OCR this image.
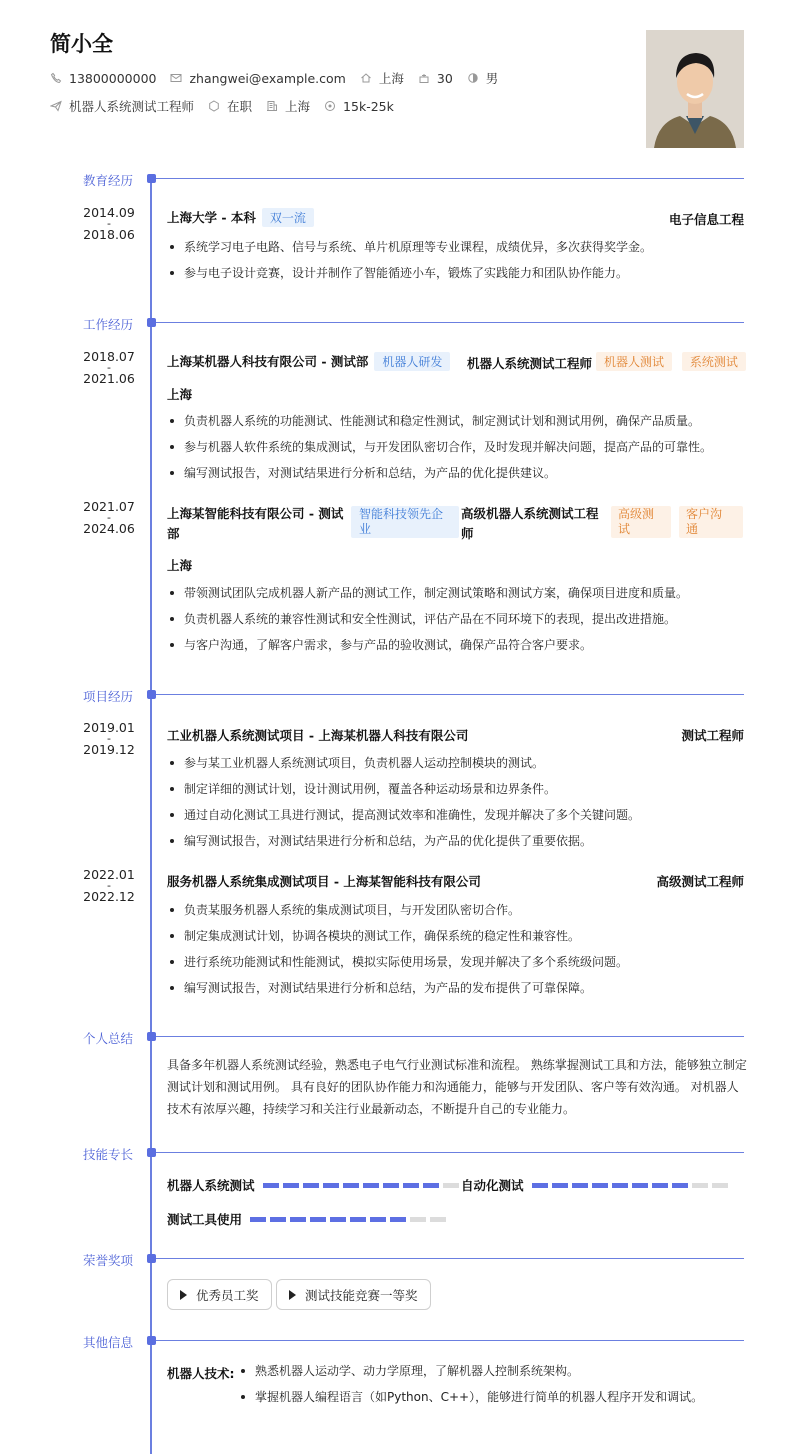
简小全
13800000000	zhangwei@example.com	上海	30	男
机器人系统测试工程师	在职	上海	15k-25k
教育经历
2014.09
-
2018.06
上海大学 - 本科 双一流	电子信息工程
系统学习电子电路、信号与系统、单片机原理等专业课程，成绩优异，多次获得奖学金。
参与电子设计竞赛，设计并制作了智能循迹小车，锻炼了实践能力和团队协作能力。
工作经历
2018.07
-
2021.06
上海某机器人科技有限公司 - 测试部 机器人研发	机器人系统测试工程师 机器人测试 系统测试
上海
负责机器人系统的功能测试、性能测试和稳定性测试，制定测试计划和测试用例，确保产品质量。
参与机器人软件系统的集成测试，与开发团队密切合作，及时发现并解决问题，提高产品的可靠性。
编写测试报告，对测试结果进行分析和总结，为产品的优化提供建议。
2021.07
-
2024.06
上海某智能科技有限公司 - 测试
部
智能科技领先企
业
高级机器人系统测试工程
师
高级测
试
客户沟
通
上海
带领测试团队完成机器人新产品的测试工作，制定测试策略和测试方案，确保项目进度和质量。
负责机器人系统的兼容性测试和安全性测试，评估产品在不同环境下的表现，提出改进措施。
与客户沟通，了解客户需求，参与产品的验收测试，确保产品符合客户要求。
项目经历
2019.01
-
2019.12
工业机器人系统测试项目 - 上海某机器人科技有限公司	测试工程师
参与某工业机器人系统测试项目，负责机器人运动控制模块的测试。
制定详细的测试计划，设计测试用例，覆盖各种运动场景和边界条件。
通过自动化测试工具进行测试，提高测试效率和准确性，发现并解决了多个关键问题。
编写测试报告，对测试结果进行分析和总结，为产品的优化提供了重要依据。
2022.01
-
2022.12
服务机器人系统集成测试项目 - 上海某智能科技有限公司	高级测试工程师
负责某服务机器人系统的集成测试项目，与开发团队密切合作。
制定集成测试计划，协调各模块的测试工作，确保系统的稳定性和兼容性。
进行系统功能测试和性能测试，模拟实际使用场景，发现并解决了多个系统级问题。
编写测试报告，对测试结果进行分析和总结，为产品的发布提供了可靠保障。
个人总结
具备多年机器人系统测试经验，熟悉电子电气行业测试标准和流程。 熟练掌握测试工具和方法，能够独立制定测试计划和测试用例。 具有良好的团队协作能力和沟通能力，能够与开发团队、客户等有效沟通。 对机器人技术有浓厚兴趣，持续学习和关注行业最新动态，不断提升自己的专业能力。
技能专长
机器人系统测试	自动化测试
测试工具使用
荣誉奖项
优秀员工奖	测试技能竞赛一等奖
其他信息
机器人技术:	熟悉机器人运动学、动力学原理，了解机器人控制系统架构。
掌握机器人编程语言（如Python、C++），能够进行简单的机器人程序开发和调试。
